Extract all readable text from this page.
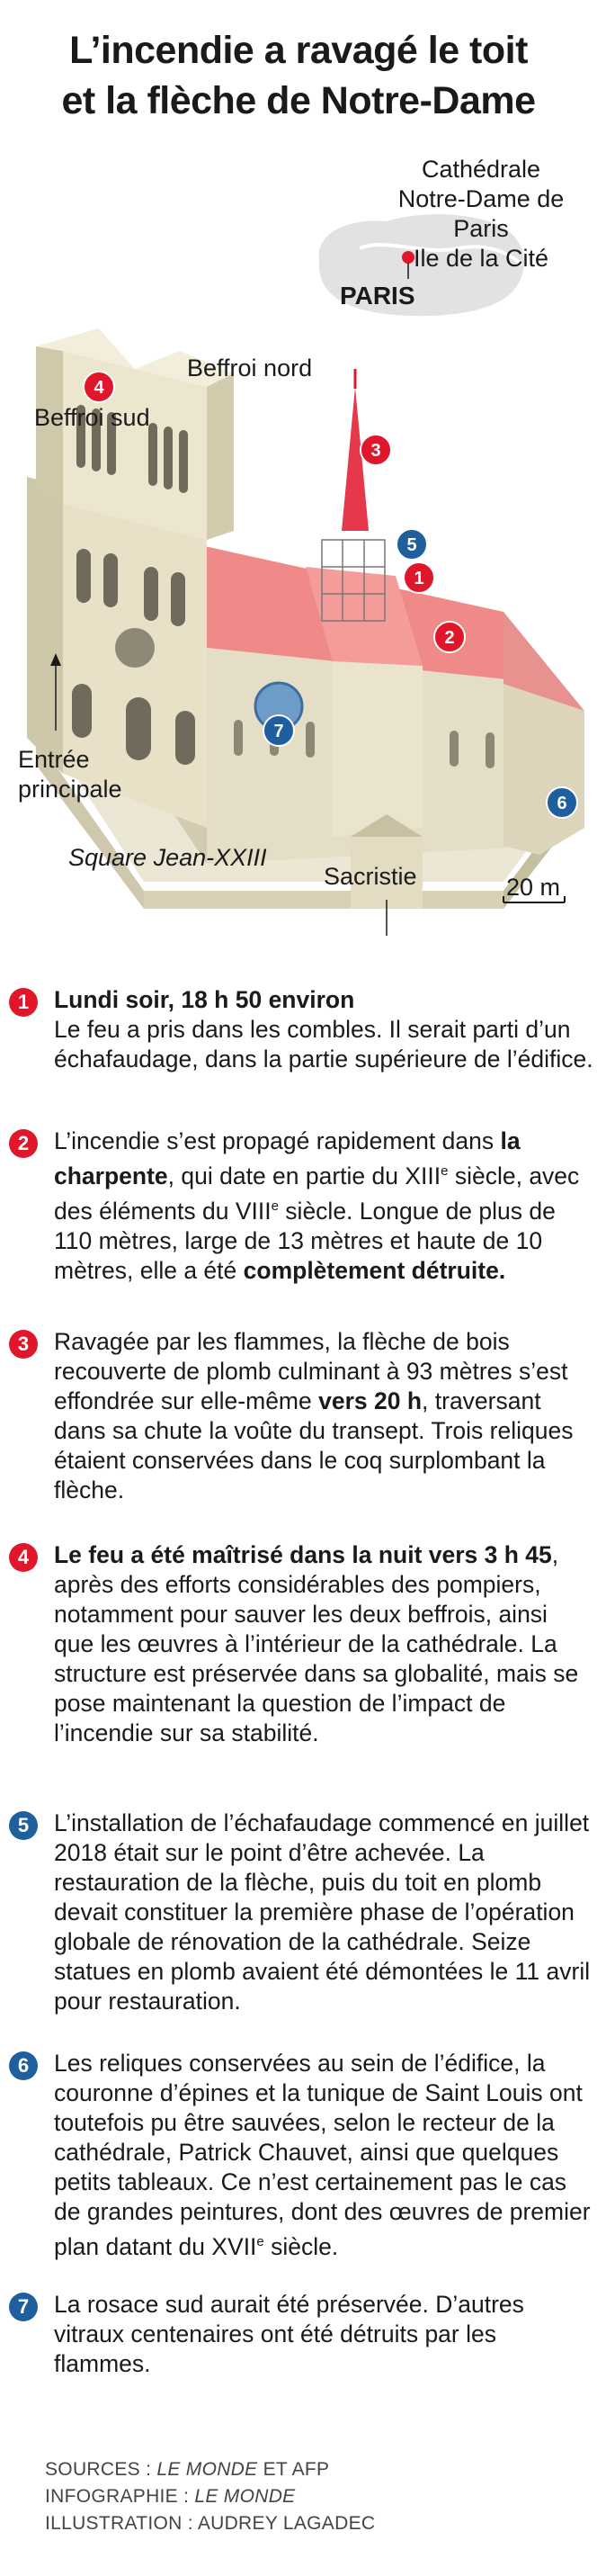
L’incendie a ravagé le toit
et la flèche de Notre-Dame
Cathédrale
Notre-Dame de Paris
Ile de la Cité
PARIS
4
3
5
1
2
7
6
Beffroi nord
Beffroi sud
Entrée
principale
Square Jean-XXIII
Sacristie	20 m
1	Lundi soir, 18 h 50 environ
Le feu a pris dans les combles. Il serait parti d’un échafaudage, dans la partie supérieure de l’édifice.
2	L’incendie s’est propagé rapidement dans la charpente, qui date en partie du XIIIe siècle, avec des éléments du VIIIe siècle. Longue de plus de 110 mètres, large de 13 mètres et haute de 10 mètres, elle a été complètement détruite.
3	Ravagée par les flammes, la flèche de bois recouverte de plomb culminant à 93 mètres s’est effondrée sur elle-même vers 20 h, traversant dans sa chute la voûte du transept. Trois reliques étaient conservées dans le coq surplombant la flèche.
4	Le feu a été maîtrisé dans la nuit vers 3 h 45, après des efforts considérables des pompiers, notamment pour sauver les deux beffrois, ainsi que les œuvres à l’intérieur de la cathédrale. La structure est préservée dans sa globalité, mais se pose maintenant la question de l’impact de l’incendie sur sa stabilité.
5	L’installation de l’échafaudage commencé en juillet 2018 était sur le point d’être achevée. La restauration de la flèche, puis du toit en plomb devait constituer la première phase de l’opération globale de rénovation de la cathédrale. Seize statues en plomb avaient été démontées le 11 avril pour restauration.
6	Les reliques conservées au sein de l’édifice, la couronne d’épines et la tunique de Saint Louis ont toutefois pu être sauvées, selon le recteur de la cathédrale, Patrick Chauvet, ainsi que quelques petits tableaux. Ce n’est certainement pas le cas de grandes peintures, dont des œuvres de premier plan datant du XVIIe siècle.
7	La rosace sud aurait été préservée. D’autres vitraux centenaires ont été détruits par les flammes.
SOURCES : LE MONDE ET AFP
INFOGRAPHIE : LE MONDE
ILLUSTRATION : AUDREY LAGADEC
